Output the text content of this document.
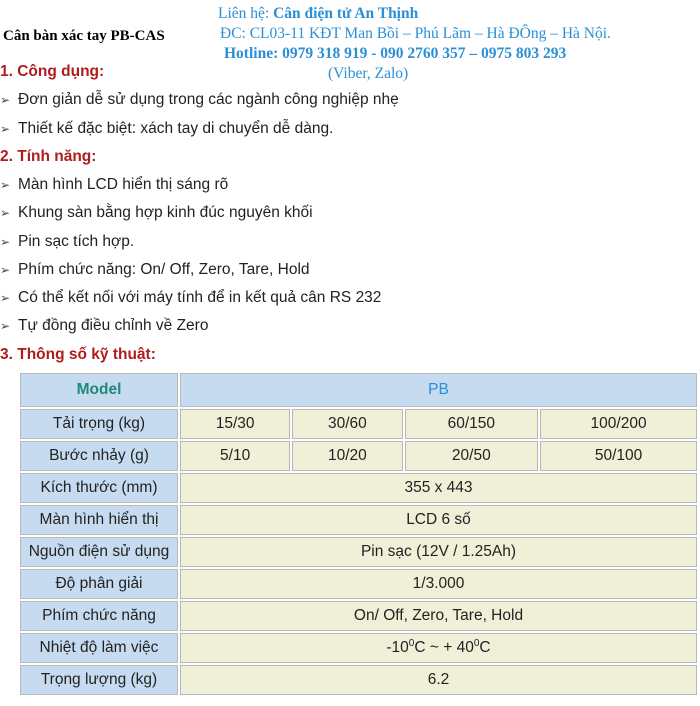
Cân bàn xác tay PB-CAS
Liên hệ: Cân điện tử An Thịnh
ĐC: CL03-11 KĐT Man Bồi – Phú Lãm – Hà ĐÔng – Hà Nội.
Hotline: 0979 318 919 - 090 2760 357 – 0975 803 293
(Viber, Zalo)
1. Công dụng:
➢ Đơn giản dễ sử dụng trong các ngành công nghiệp nhẹ
➢ Thiết kế đặc biệt: xách tay di chuyển dễ dàng.
2. Tính năng:
➢ Màn hình LCD hiển thị sáng rõ
➢ Khung sàn bằng hợp kinh đúc nguyên khối
➢ Pin sạc tích hợp.
➢ Phím chức năng: On/ Off, Zero, Tare, Hold
➢ Có thể kết nối với máy tính để in kết quả cân RS 232
➢ Tự đồng điều chỉnh về Zero
3. Thông số kỹ thuật:
Model	PB			
Tải trọng (kg)	15/30	30/60	60/150	100/200
Bước nhảy (g)	5/10	10/20	20/50	50/100
Kích thước (mm)	355 x 443			
Màn hình hiển thị	LCD 6 số			
Nguồn điện sử dụng	Pin sạc (12V / 1.25Ah)			
Độ phân giải	1/3.000			
Phím chức năng	On/ Off, Zero, Tare, Hold			
Nhiệt độ làm việc	$-10^0C$ ~ + $40^0C$			
Trọng lượng (kg)	6.2			
